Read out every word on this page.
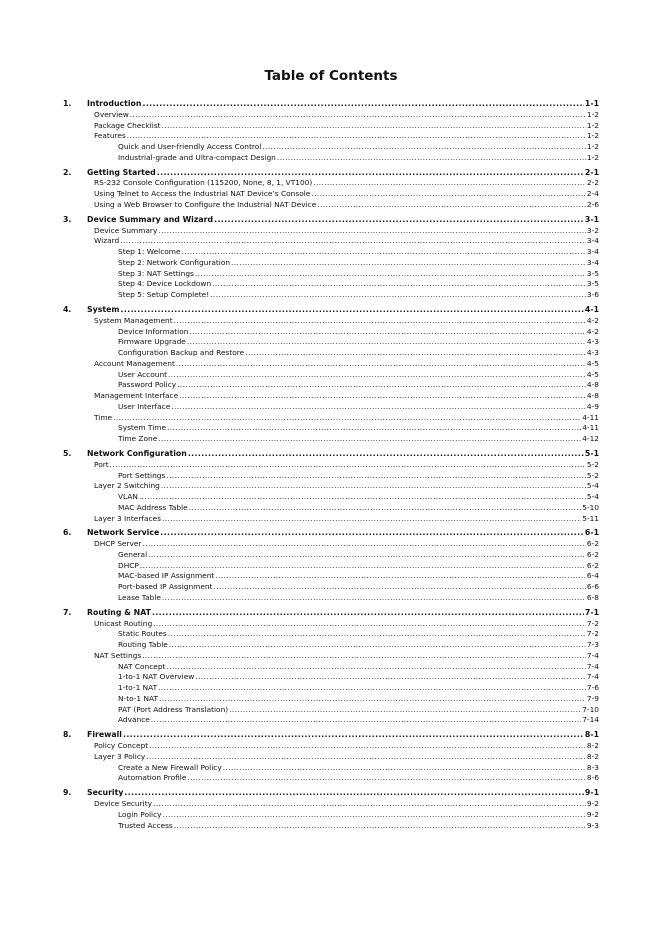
Table of Contents
1.	Introduction .....	1-1
Overview .....	1-2
Package Checklist .....	1-2
Features .....	1-2
Quick and User-friendly Access Control .....	1-2
Industrial-grade and Ultra-compact Design .....	1-2
2.	Getting Started .....	2-1
RS-232 Console Configuration (115200, None, 8, 1, VT100) .....	2-2
Using Telnet to Access the Industrial NAT Device’s Console .....	2-4
Using a Web Browser to Configure the Industrial NAT Device .....	2-6
3.	Device Summary and Wizard .....	3-1
Device Summary .....	3-2
Wizard .....	3-4
Step 1: Welcome .....	3-4
Step 2: Network Configuration .....	3-4
Step 3: NAT Settings .....	3-5
Step 4: Device Lockdown .....	3-5
Step 5: Setup Complete! .....	3-6
4.	System .....	4-1
System Management .....	4-2
Device Information .....	4-2
Firmware Upgrade .....	4-3
Configuration Backup and Restore .....	4-3
Account Management .....	4-5
User Account .....	4-5
Password Policy .....	4-8
Management Interface .....	4-8
User Interface .....	4-9
Time .....	4-11
System Time .....	4-11
Time Zone .....	4-12
5.	Network Configuration .....	5-1
Port .....	5-2
Port Settings .....	5-2
Layer 2 Switching .....	5-4
VLAN .....	5-4
MAC Address Table .....	5-10
Layer 3 Interfaces .....	5-11
6.	Network Service .....	6-1
DHCP Server .....	6-2
General .....	6-2
DHCP .....	6-2
MAC-based IP Assignment .....	6-4
Port-based IP Assignment .....	6-6
Lease Table .....	6-8
7.	Routing & NAT .....	7-1
Unicast Routing .....	7-2
Static Routes .....	7-2
Routing Table .....	7-3
NAT Settings .....	7-4
NAT Concept .....	7-4
1-to-1 NAT Overview .....	7-4
1-to-1 NAT .....	7-6
N-to-1 NAT .....	7-9
PAT (Port Address Translation) .....	7-10
Advance .....	7-14
8.	Firewall .....	8-1
Policy Concept .....	8-2
Layer 3 Policy .....	8-2
Create a New Firewall Policy .....	8-3
Automation Profile .....	8-6
9.	Security .....	9-1
Device Security .....	9-2
Login Policy .....	9-2
Trusted Access .....	9-3
